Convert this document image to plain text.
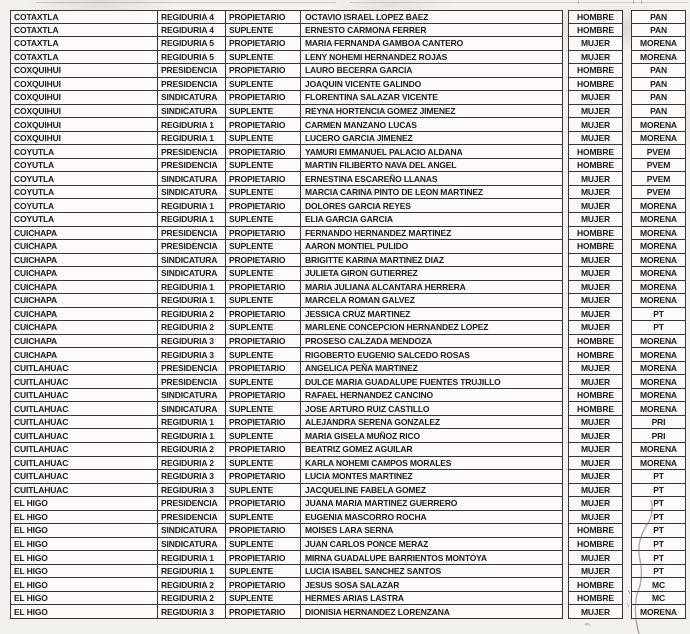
COTAXTLA	REGIDURIA 4	PROPIETARIO	OCTAVIO ISRAEL LOPEZ BAEZ	HOMBRE	PAN
COTAXTLA	REGIDURIA 4	SUPLENTE	ERNESTO CARMONA FERRER	HOMBRE	PAN
COTAXTLA	REGIDURIA 5	PROPIETARIO	MARIA FERNANDA GAMBOA CANTERO	MUJER	MORENA
COTAXTLA	REGIDURIA 5	SUPLENTE	LENY NOHEMI HERNANDEZ ROJAS	MUJER	MORENA
COXQUIHUI	PRESIDENCIA	PROPIETARIO	LAURO BECERRA GARCIA	HOMBRE	PAN
COXQUIHUI	PRESIDENCIA	SUPLENTE	JOAQUIN VICENTE GALINDO	HOMBRE	PAN
COXQUIHUI	SINDICATURA	PROPIETARIO	FLORENTINA SALAZAR VICENTE	MUJER	PAN
COXQUIHUI	SINDICATURA	SUPLENTE	REYNA HORTENCIA GOMEZ JIMENEZ	MUJER	PAN
COXQUIHUI	REGIDURIA 1	PROPIETARIO	CARMEN MANZANO LUCAS	MUJER	MORENA
COXQUIHUI	REGIDURIA 1	SUPLENTE	LUCERO GARCIA JIMENEZ	MUJER	MORENA
COYUTLA	PRESIDENCIA	PROPIETARIO	YAMURI EMMANUEL PALACIO ALDANA	HOMBRE	PVEM
COYUTLA	PRESIDENCIA	SUPLENTE	MARTIN FILIBERTO NAVA DEL ANGEL	HOMBRE	PVEM
COYUTLA	SINDICATURA	PROPIETARIO	ERNESTINA ESCAREÑO LLANAS	MUJER	PVEM
COYUTLA	SINDICATURA	SUPLENTE	MARCIA CARINA PINTO DE LEON MARTINEZ	MUJER	PVEM
COYUTLA	REGIDURIA 1	PROPIETARIO	DOLORES GARCIA REYES	MUJER	MORENA
COYUTLA	REGIDURIA 1	SUPLENTE	ELIA GARCIA GARCIA	MUJER	MORENA
CUICHAPA	PRESIDENCIA	PROPIETARIO	FERNANDO HERNANDEZ MARTINEZ	HOMBRE	MORENA
CUICHAPA	PRESIDENCIA	SUPLENTE	AARON MONTIEL PULIDO	HOMBRE	MORENA
CUICHAPA	SINDICATURA	PROPIETARIO	BRIGITTE KARINA MARTINEZ DIAZ	MUJER	MORENA
CUICHAPA	SINDICATURA	SUPLENTE	JULIETA GIRON GUTIERREZ	MUJER	MORENA
CUICHAPA	REGIDURIA 1	PROPIETARIO	MARIA JULIANA ALCANTARA HERRERA	MUJER	MORENA
CUICHAPA	REGIDURIA 1	SUPLENTE	MARCELA ROMAN GALVEZ	MUJER	MORENA
CUICHAPA	REGIDURIA 2	PROPIETARIO	JESSICA CRUZ MARTINEZ	MUJER	PT
CUICHAPA	REGIDURIA 2	SUPLENTE	MARLENE CONCEPCION HERNANDEZ LOPEZ	MUJER	PT
CUICHAPA	REGIDURIA 3	PROPIETARIO	PROSESO CALZADA MENDOZA	HOMBRE	MORENA
CUICHAPA	REGIDURIA 3	SUPLENTE	RIGOBERTO EUGENIO SALCEDO ROSAS	HOMBRE	MORENA
CUITLAHUAC	PRESIDENCIA	PROPIETARIO	ANGELICA PEÑA MARTINEZ	MUJER	MORENA
CUITLAHUAC	PRESIDENCIA	SUPLENTE	DULCE MARIA GUADALUPE FUENTES TRUJILLO	MUJER	MORENA
CUITLAHUAC	SINDICATURA	PROPIETARIO	RAFAEL HERNANDEZ CANCINO	HOMBRE	MORENA
CUITLAHUAC	SINDICATURA	SUPLENTE	JOSE ARTURO RUIZ CASTILLO	HOMBRE	MORENA
CUITLAHUAC	REGIDURIA 1	PROPIETARIO	ALEJANDRA SERENA GONZALEZ	MUJER	PRI
CUITLAHUAC	REGIDURIA 1	SUPLENTE	MARIA GISELA MUÑOZ RICO	MUJER	PRI
CUITLAHUAC	REGIDURIA 2	PROPIETARIO	BEATRIZ GOMEZ AGUILAR	MUJER	MORENA
CUITLAHUAC	REGIDURIA 2	SUPLENTE	KARLA NOHEMI CAMPOS MORALES	MUJER	MORENA
CUITLAHUAC	REGIDURIA 3	PROPIETARIO	LUCIA MONTES MARTINEZ	MUJER	PT
CUITLAHUAC	REGIDURIA 3	SUPLENTE	JACQUELINE FABELA GOMEZ	MUJER	PT
EL HIGO	PRESIDENCIA	PROPIETARIO	JUANA MARIA MARTINEZ GUERRERO	MUJER	PT
EL HIGO	PRESIDENCIA	SUPLENTE	EUGENIA MASCORRO ROCHA	MUJER	PT
EL HIGO	SINDICATURA	PROPIETARIO	MOISES LARA SERNA	HOMBRE	PT
EL HIGO	SINDICATURA	SUPLENTE	JUAN CARLOS PONCE MERAZ	HOMBRE	PT
EL HIGO	REGIDURIA 1	PROPIETARIO	MIRNA GUADALUPE BARRIENTOS MONTOYA	MUJER	PT
EL HIGO	REGIDURIA 1	SUPLENTE	LUCIA ISABEL SANCHEZ SANTOS	MUJER	PT
EL HIGO	REGIDURIA 2	PROPIETARIO	JESUS SOSA SALAZAR	HOMBRE	MC
EL HIGO	REGIDURIA 2	SUPLENTE	HERMES ARIAS LASTRA	HOMBRE	MC
EL HIGO	REGIDURIA 3	PROPIETARIO	DIONISIA HERNANDEZ LORENZANA	MUJER	MORENA
